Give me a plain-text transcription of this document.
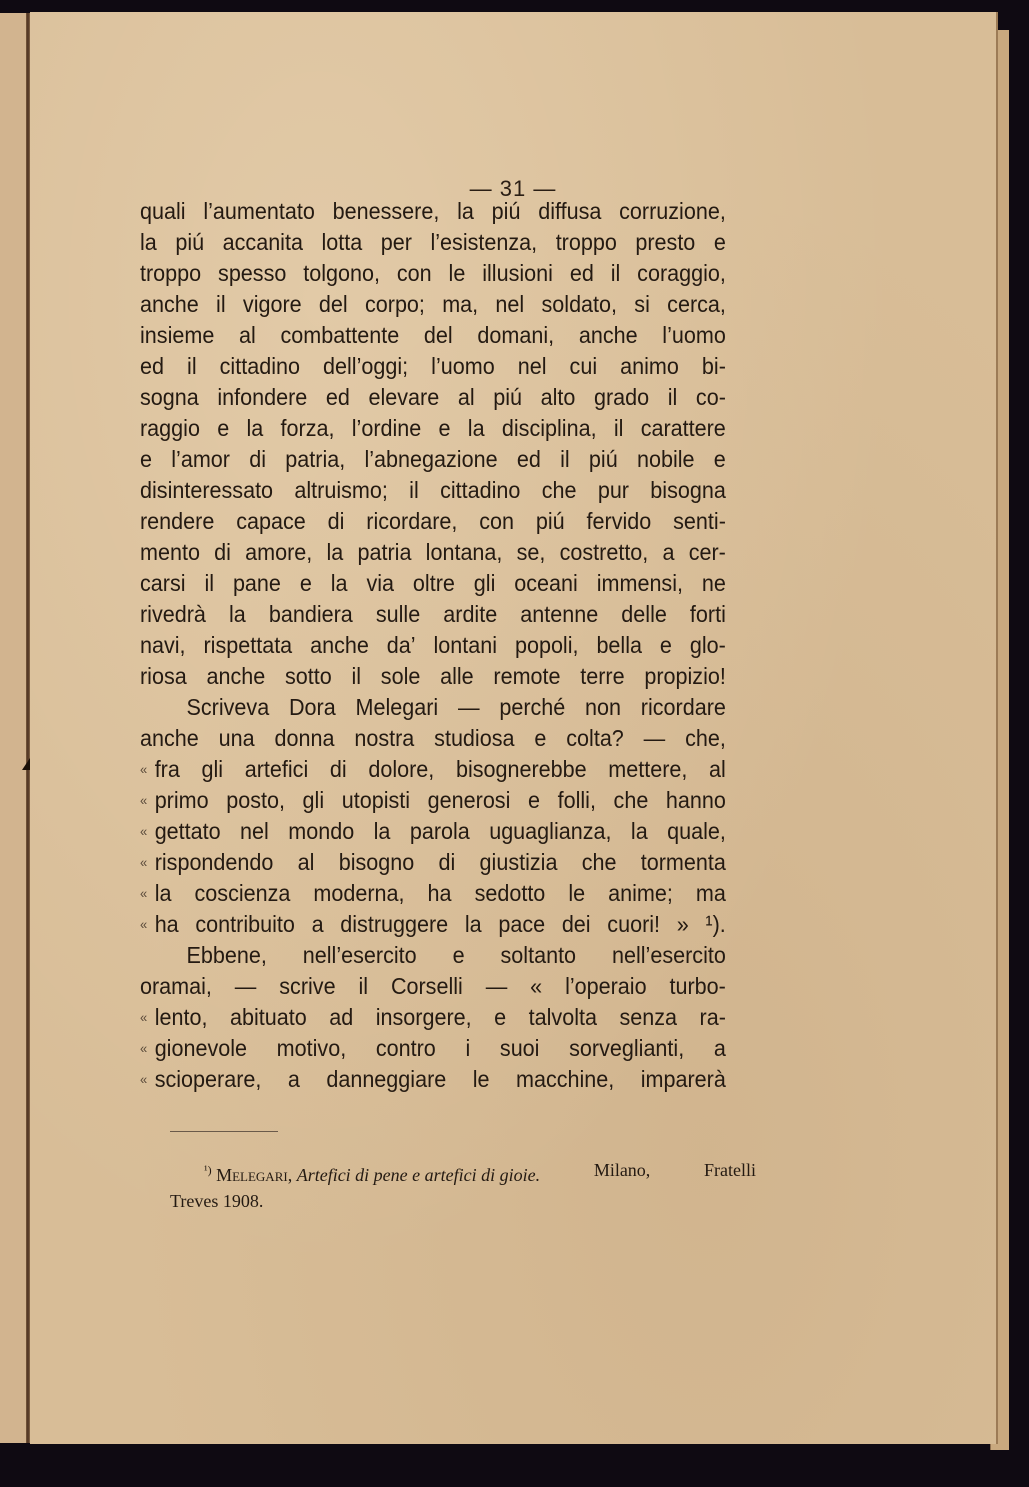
— 31 —
quali l’aumentato benessere, la piú diffusa corruzione,
la piú accanita lotta per l’esistenza, troppo presto e
troppo spesso tolgono, con le illusioni ed il coraggio,
anche il vigore del corpo; ma, nel soldato, si cerca,
insieme al combattente del domani, anche l’uomo
ed il cittadino dell’oggi; l’uomo nel cui animo bi-
sogna infondere ed elevare al piú alto grado il co-
raggio e la forza, l’ordine e la disciplina, il carattere
e l’amor di patria, l’abnegazione ed il piú nobile e
disinteressato altruismo; il cittadino che pur bisogna
rendere capace di ricordare, con piú fervido senti-
mento di amore, la patria lontana, se, costretto, a cer-
carsi il pane e la via oltre gli oceani immensi, ne
rivedrà la bandiera sulle ardite antenne delle forti
navi, rispettata anche da’ lontani popoli, bella e glo-
riosa anche sotto il sole alle remote terre propizio!
Scriveva Dora Melegari — perché non ricordare
anche una donna nostra studiosa e colta? — che,
« fra gli artefici di dolore, bisognerebbe mettere, al
« primo posto, gli utopisti generosi e folli, che hanno
« gettato nel mondo la parola uguaglianza, la quale,
« rispondendo al bisogno di giustizia che tormenta
« la coscienza moderna, ha sedotto le anime; ma
« ha contribuito a distruggere la pace dei cuori! » ¹).
Ebbene, nell’esercito e soltanto nell’esercito
oramai, — scrive il Corselli — « l’operaio turbo-
« lento, abituato ad insorgere, e talvolta senza ra-
« gionevole motivo, contro i suoi sorveglianti, a
« scioperare, a danneggiare le macchine, imparerà
$^{^1)}$ Melegari, Artefici di pene e artefici di gioie.	Milano,	Fratelli
Treves 1908.
